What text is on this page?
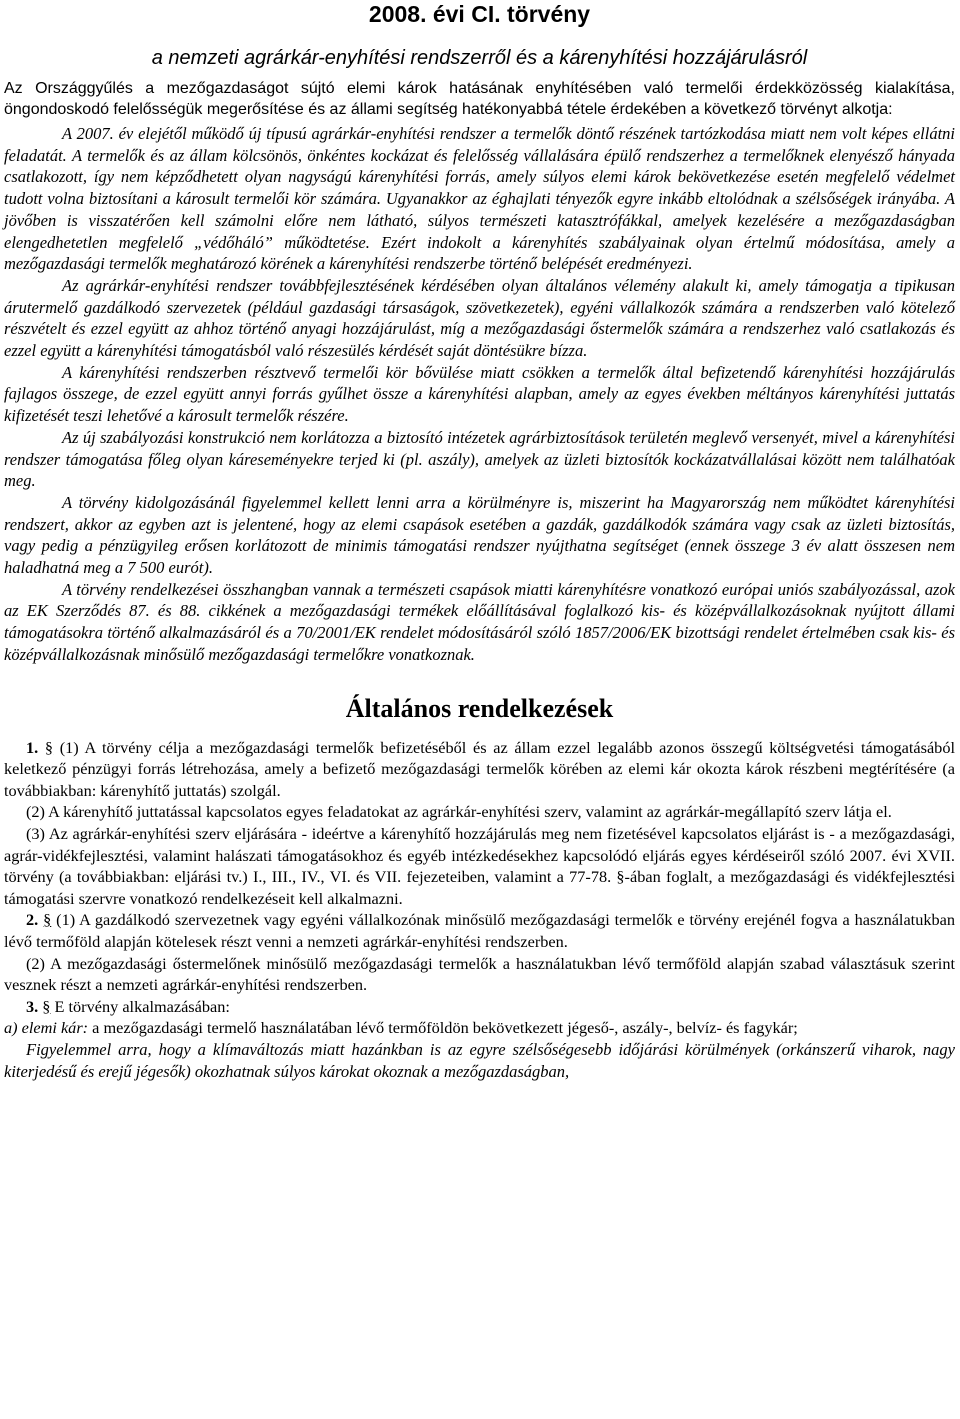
2008. évi CI. törvény
a nemzeti agrárkár-enyhítési rendszerről és a kárenyhítési hozzájárulásról

Az Országgyűlés a mezőgazdaságot sújtó elemi károk hatásának enyhítésében való termelői érdekközösség kialakítása, öngondoskodó felelősségük megerősítése és az állami segítség hatékonyabbá tétele érdekében a következő törvényt alkotja:

A 2007. év elejétől működő új típusú agrárkár-enyhítési rendszer a termelők döntő részének tartózkodása miatt nem volt képes ellátni feladatát. A termelők és az állam kölcsönös, önkéntes kockázat és felelősség vállalására épülő rendszerhez a termelőknek elenyésző hányada csatlakozott, így nem képződhetett olyan nagyságú kárenyhítési forrás, amely súlyos elemi károk bekövetkezése esetén megfelelő védelmet tudott volna biztosítani a károsult termelői kör számára. Ugyanakkor az éghajlati tényezők egyre inkább eltolódnak a szélsőségek irányába. A jövőben is visszatérően kell számolni előre nem látható, súlyos természeti katasztrófákkal, amelyek kezelésére a mezőgazdaságban elengedhetetlen megfelelő „védőháló” működtetése. Ezért indokolt a kárenyhítés szabályainak olyan értelmű módosítása, amely a mezőgazdasági termelők meghatározó körének a kárenyhítési rendszerbe történő belépését eredményezi.

Az agrárkár-enyhítési rendszer továbbfejlesztésének kérdésében olyan általános vélemény alakult ki, amely támogatja a tipikusan árutermelő gazdálkodó szervezetek (például gazdasági társaságok, szövetkezetek), egyéni vállalkozók számára a rendszerben való kötelező részvételt és ezzel együtt az ahhoz történő anyagi hozzájárulást, míg a mezőgazdasági őstermelők számára a rendszerhez való csatlakozás és ezzel együtt a kárenyhítési támogatásból való részesülés kérdését saját döntésükre bízza.

A kárenyhítési rendszerben résztvevő termelői kör bővülése miatt csökken a termelők által befizetendő kárenyhítési hozzájárulás fajlagos összege, de ezzel együtt annyi forrás gyűlhet össze a kárenyhítési alapban, amely az egyes években méltányos kárenyhítési juttatás kifizetését teszi lehetővé a károsult termelők részére.

Az új szabályozási konstrukció nem korlátozza a biztosító intézetek agrárbiztosítások területén meglevő versenyét, mivel a kárenyhítési rendszer támogatása főleg olyan káreseményekre terjed ki (pl. aszály), amelyek az üzleti biztosítók kockázatvállalásai között nem találhatóak meg.

A törvény kidolgozásánál figyelemmel kellett lenni arra a körülményre is, miszerint ha Magyarország nem működtet kárenyhítési rendszert, akkor az egyben azt is jelentené, hogy az elemi csapások esetében a gazdák, gazdálkodók számára vagy csak az üzleti biztosítás, vagy pedig a pénzügyileg erősen korlátozott de minimis támogatási rendszer nyújthatna segítséget (ennek összege 3 év alatt összesen nem haladhatná meg a 7 500 eurót).

A törvény rendelkezései összhangban vannak a természeti csapások miatti kárenyhítésre vonatkozó európai uniós szabályozással, azok az EK Szerződés 87. és 88. cikkének a mezőgazdasági termékek előállításával foglalkozó kis- és középvállalkozásoknak nyújtott állami támogatásokra történő alkalmazásáról és a 70/2001/EK rendelet módosításáról szóló 1857/2006/EK bizottsági rendelet értelmében csak kis- és középvállalkozásnak minősülő mezőgazdasági termelőkre vonatkoznak.

Általános rendelkezések

1. § (1) A törvény célja a mezőgazdasági termelők befizetéséből és az állam ezzel legalább azonos összegű költségvetési támogatásából keletkező pénzügyi forrás létrehozása, amely a befizető mezőgazdasági termelők körében az elemi kár okozta károk részbeni megtérítésére (a továbbiakban: kárenyhítő juttatás) szolgál.

(2) A kárenyhítő juttatással kapcsolatos egyes feladatokat az agrárkár-enyhítési szerv, valamint az agrárkár-megállapító szerv látja el.

(3) Az agrárkár-enyhítési szerv eljárására - ideértve a kárenyhítő hozzájárulás meg nem fizetésével kapcsolatos eljárást is - a mezőgazdasági, agrár-vidékfejlesztési, valamint halászati támogatásokhoz és egyéb intézkedésekhez kapcsolódó eljárás egyes kérdéseiről szóló 2007. évi XVII. törvény (a továbbiakban: eljárási tv.) I., III., IV., VI. és VII. fejezeteiben, valamint a 77-78. §-ában foglalt, a mezőgazdasági és vidékfejlesztési támogatási szervre vonatkozó rendelkezéseit kell alkalmazni.

2. § (1) A gazdálkodó szervezetnek vagy egyéni vállalkozónak minősülő mezőgazdasági termelők e törvény erejénél fogva a használatukban lévő termőföld alapján kötelesek részt venni a nemzeti agrárkár-enyhítési rendszerben.

(2) A mezőgazdasági őstermelőnek minősülő mezőgazdasági termelők a használatukban lévő termőföld alapján szabad választásuk szerint vesznek részt a nemzeti agrárkár-enyhítési rendszerben.

3. § E törvény alkalmazásában:

a) elemi kár: a mezőgazdasági termelő használatában lévő termőföldön bekövetkezett jégeső-, aszály-, belvíz- és fagykár;

Figyelemmel arra, hogy a klímaváltozás miatt hazánkban is az egyre szélsőségesebb időjárási körülmények (orkánszerű viharok, nagy kiterjedésű és erejű jégesők) okozhatnak súlyos károkat okoznak a mezőgazdaságban,
